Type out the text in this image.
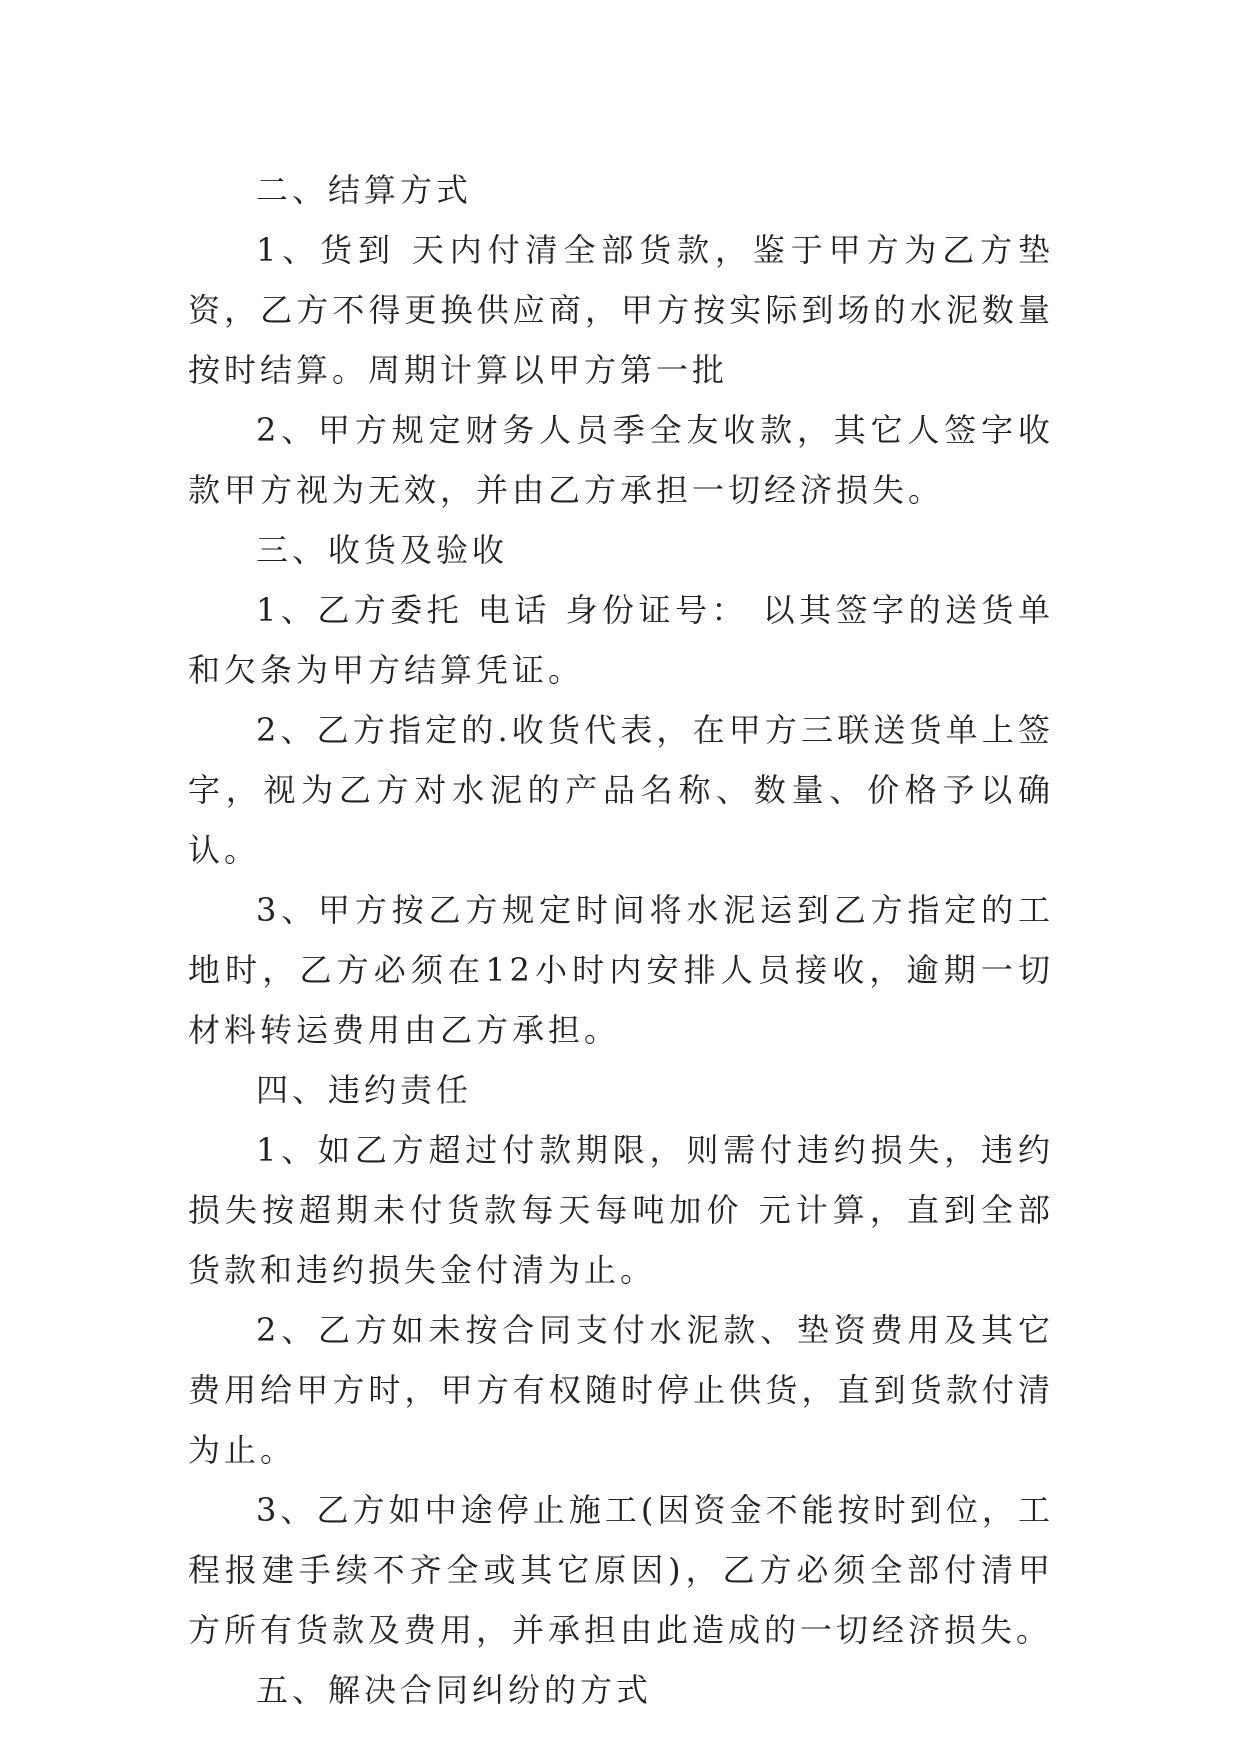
二、结算方式

1、货到 天内付清全部货款，鉴于甲方为乙方垫资，乙方不得更换供应商，甲方按实际到场的水泥数量按时结算。周期计算以甲方第一批

2、甲方规定财务人员季全友收款，其它人签字收款甲方视为无效，并由乙方承担一切经济损失。

三、收货及验收

1、乙方委托 电话 身份证号： 以其签字的送货单和欠条为甲方结算凭证。

2、乙方指定的.收货代表，在甲方三联送货单上签字，视为乙方对水泥的产品名称、数量、价格予以确认。

3、甲方按乙方规定时间将水泥运到乙方指定的工地时，乙方必须在12小时内安排人员接收，逾期一切材料转运费用由乙方承担。

四、违约责任

1、如乙方超过付款期限，则需付违约损失，违约损失按超期未付货款每天每吨加价 元计算，直到全部货款和违约损失金付清为止。

2、乙方如未按合同支付水泥款、垫资费用及其它费用给甲方时，甲方有权随时停止供货，直到货款付清为止。

3、乙方如中途停止施工(因资金不能按时到位，工程报建手续不齐全或其它原因)，乙方必须全部付清甲方所有货款及费用，并承担由此造成的一切经济损失。

五、解决合同纠纷的方式
